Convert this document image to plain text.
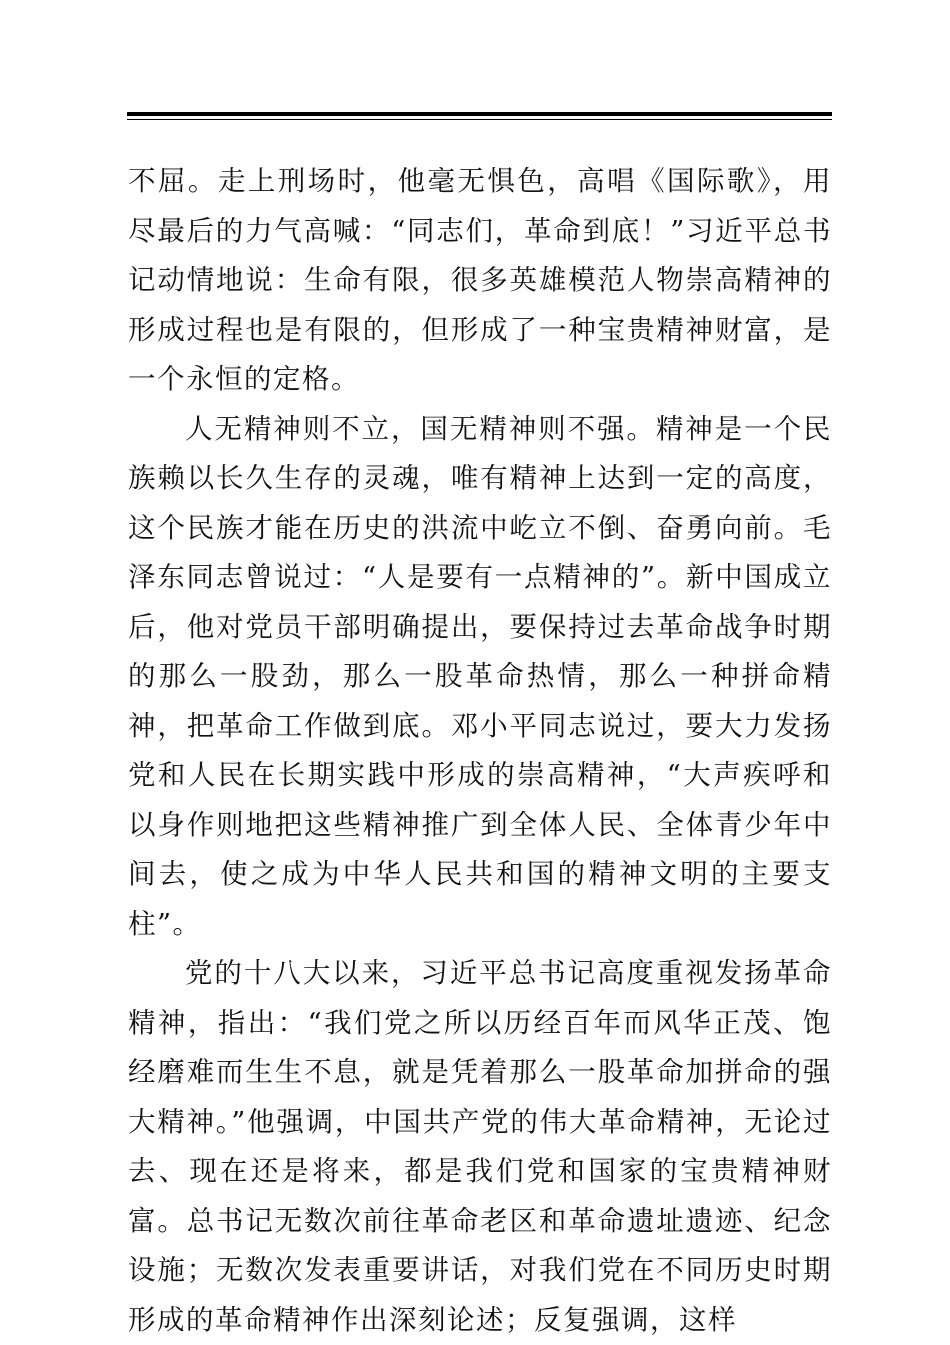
不屈。走上刑场时，他毫无惧色，高唱《国际歌》，用尽最后的力气高喊：“同志们，革命到底！”习近平总书记动情地说：生命有限，很多英雄模范人物崇高精神的形成过程也是有限的，但形成了一种宝贵精神财富，是一个永恒的定格。

人无精神则不立，国无精神则不强。精神是一个民族赖以长久生存的灵魂，唯有精神上达到一定的高度，这个民族才能在历史的洪流中屹立不倒、奋勇向前。毛泽东同志曾说过：“人是要有一点精神的”。新中国成立后，他对党员干部明确提出，要保持过去革命战争时期的那么一股劲，那么一股革命热情，那么一种拼命精神，把革命工作做到底。邓小平同志说过，要大力发扬党和人民在长期实践中形成的崇高精神，“大声疾呼和以身作则地把这些精神推广到全体人民、全体青少年中间去，使之成为中华人民共和国的精神文明的主要支柱”。

党的十八大以来，习近平总书记高度重视发扬革命精神，指出：“我们党之所以历经百年而风华正茂、饱经磨难而生生不息，就是凭着那么一股革命加拼命的强大精神。”他强调，中国共产党的伟大革命精神，无论过去、现在还是将来，都是我们党和国家的宝贵精神财富。总书记无数次前往革命老区和革命遗址遗迹、纪念设施；无数次发表重要讲话，对我们党在不同历史时期形成的革命精神作出深刻论述；反复强调，这样
